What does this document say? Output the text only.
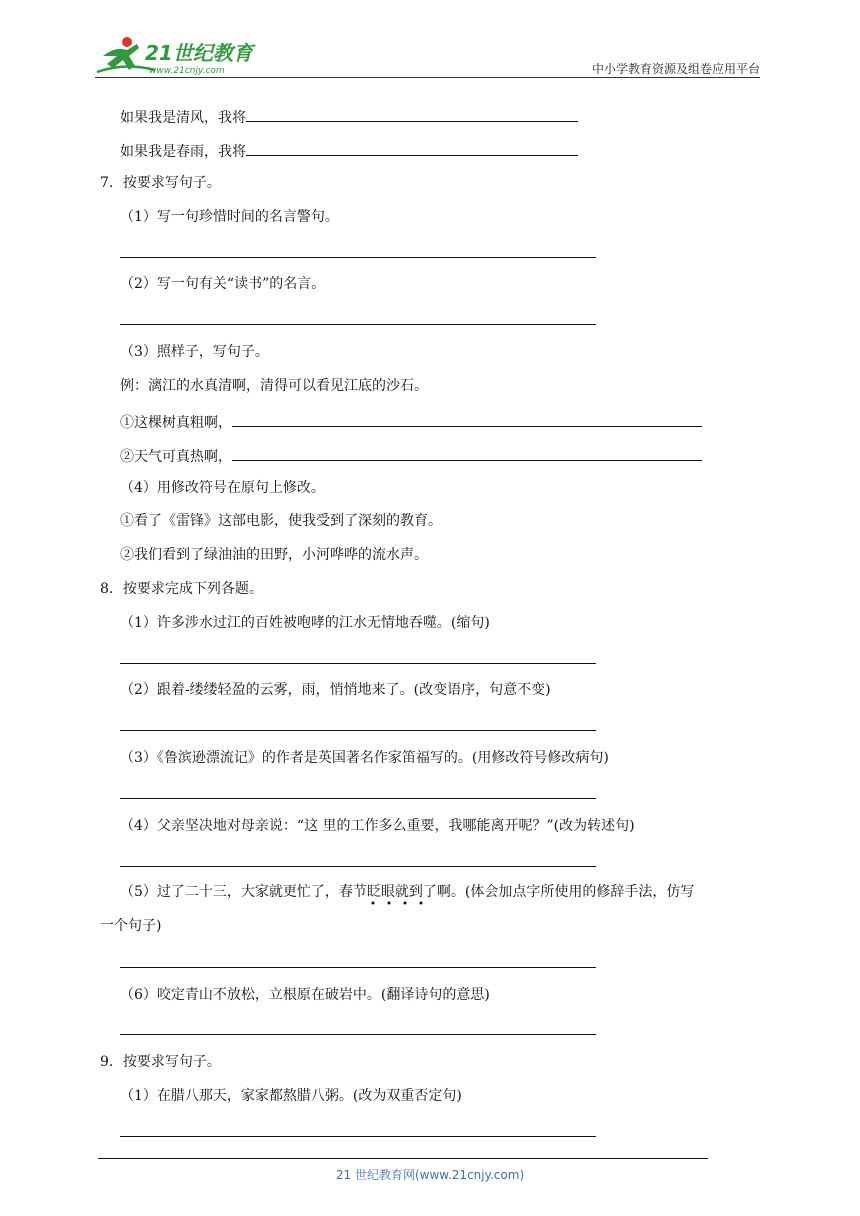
21世纪教育
www.21cnjy.com	中小学教育资源及组卷应用平台
如果我是清风，我将
如果我是春雨，我将
7．按要求写句子。
（1）写一句珍惜时间的名言警句。
（2）写一句有关“读书”的名言。
（3）照样子，写句子。
例：漓江的水真清啊，清得可以看见江底的沙石。
①这棵树真粗啊，
②天气可真热啊，
（4）用修改符号在原句上修改。
①看了《雷锋》这部电影，使我受到了深刻的教育。
②我们看到了绿油油的田野，小河哗哗的流水声。
8．按要求完成下列各题。
（1）许多涉水过江的百姓被咆哮的江水无情地吞噬。(缩句)
（2）跟着-缕缕轻盈的云雾，雨，悄悄地来了。(改变语序，句意不变)
（3）《鲁滨逊漂流记》的作者是英国著名作家笛福写的。(用修改符号修改病句)
（4）父亲坚决地对母亲说：“这 里的工作多么重要，我哪能离开呢？”(改为转述句)
（5）过了二十三，大家就更忙了，春节眨眼就到
了啊。(体会加点字所使用的修辞手法，仿写
一个句子)
（6）咬定青山不放松，立根原在破岩中。(翻译诗句的意思)
9．按要求写句子。
（1）在腊八那天，家家都熬腊八粥。(改为双重否定句)
21 世纪教育网(www.21cnjy.com)
